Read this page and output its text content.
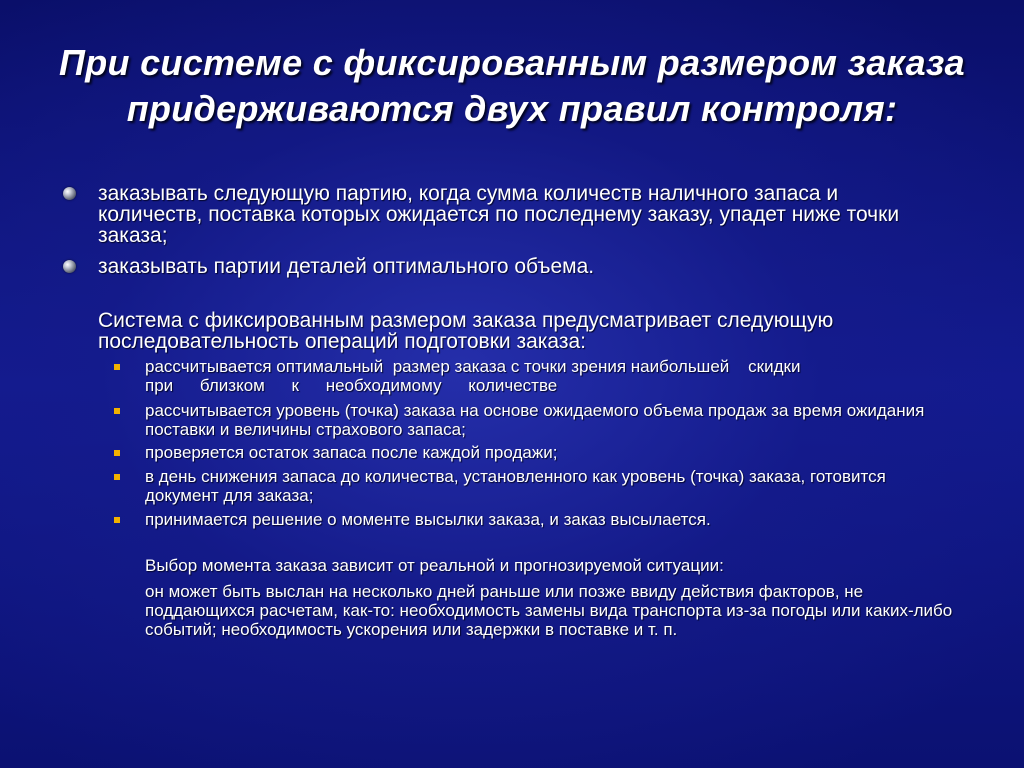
При системе с фиксированным размером заказа
придерживаются двух правил контроля:
заказывать следующую партию, когда сумма количеств наличного запаса и количеств, поставка которых ожидается по последнему заказу, упадет ниже точки заказа;
заказывать партии деталей оптимального объема.
Система с фиксированным размером заказа предусматривает следующую последовательность операций подготовки заказа:
рассчитывается оптимальный  размер заказа с точки зрения наибольшей    скидки
при близком к необходимому количестве
рассчитывается уровень (точка) заказа на основе ожидаемого объема продаж за время ожидания поставки и величины страхового запаса;
проверяется остаток запаса после каждой продажи;
в день снижения запаса до количества, установленного как уровень (точка) заказа, готовится документ для заказа;
принимается решение о моменте высылки заказа, и заказ высылается.
Выбор момента заказа зависит от реальной и прогнозируемой ситуации:
он может быть выслан на несколько дней раньше или позже ввиду действия факторов, не поддающихся расчетам, как-то: необходимость замены вида транспорта из-за погоды или каких-либо событий; необходимость ускорения или задержки в поставке и т. п.
